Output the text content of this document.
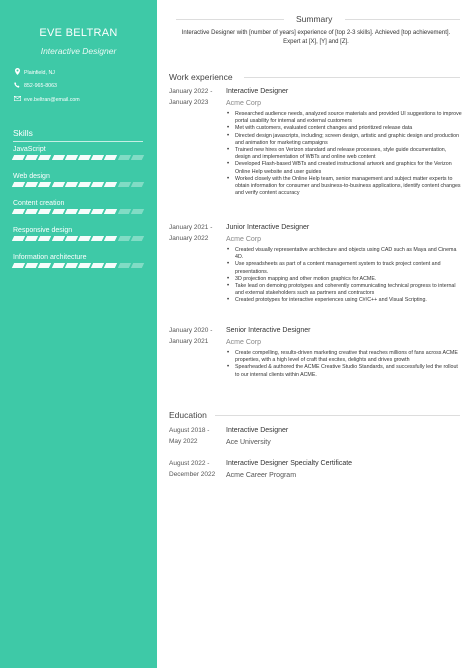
EVE BELTRAN
Interactive Designer
Plainfield, NJ
852-965-8063
eve.beltran@email.com
Skills
JavaScript
Web design
Content creation
Responsive design
Information architecture
Summary
Interactive Designer with [number of years] experience of [top 2-3 skills]. Achieved [top achievement]. Expert at [X], [Y] and [Z].
Work experience
January 2022 -
January 2023
Interactive Designer
Acme Corp
• Researched audience needs, analyzed source materials and provided UI suggestions to improve portal usability for internal and external customers
• Met with customers, evaluated content changes and prioritized release data
• Directed design javascripts, including; screen design, artistic and graphic design and production and animation for marketing campaigns
• Trained new hires on Verizon standard and release processes, style guide documentation, design and implementation of WBTs and online web content
• Developed Flash-based WBTs and created instructional artwork and graphics for the Verizon Online Help website and user guides
• Worked closely with the Online Help team, senior management and subject matter experts to obtain information for consumer and business-to-business applications, identify content changes and verify content accuracy
January 2021 -
January 2022
Junior Interactive Designer
Acme Corp
• Created visually representative architecture and objects using CAD such as Maya and Cinema 4D.
• Use spreadsheets as part of a content management system to track project content and presentations.
• 3D projection mapping and other motion graphics for ACME.
• Take lead on demoing prototypes and coherently communicating technical progress to internal and external stakeholders such as partners and contractors
• Created prototypes for interactive experiences using C#/C++ and Visual Scripting.
January 2020 -
January 2021
Senior Interactive Designer
Acme Corp
• Create compelling, results-driven marketing creative that reaches millions of fans across ACME properties, with a high level of craft that excites, delights and drives growth
• Spearheaded & authored the ACME Creative Studio Standards, and successfully led the rollout to our internal clients within ACME.
Education
August 2018 -
May 2022
Interactive Designer
Ace University
August 2022 -
December 2022
Interactive Designer Specialty Certificate
Acme Career Program
